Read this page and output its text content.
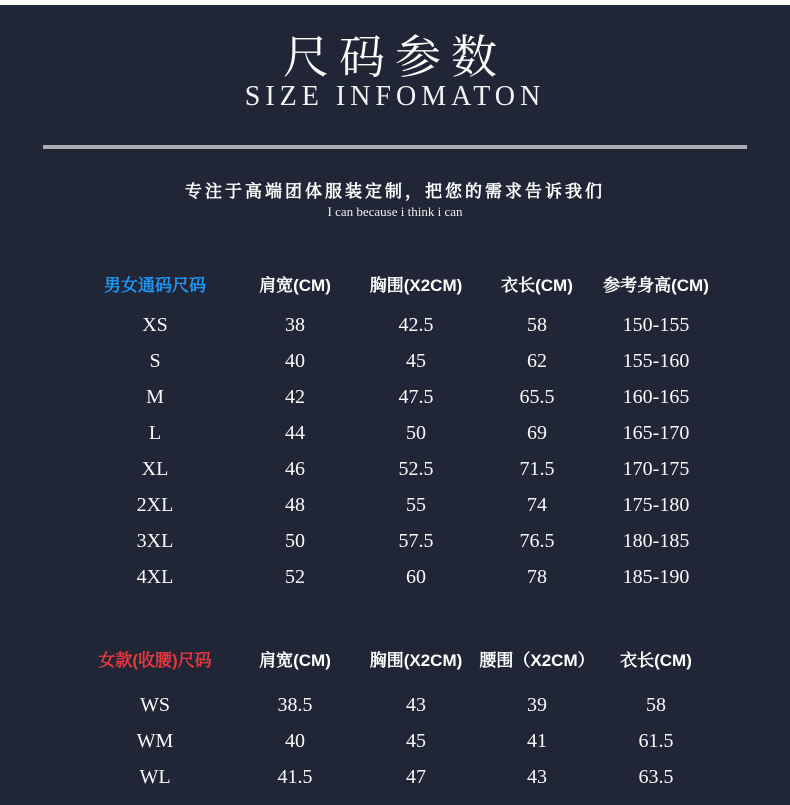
尺码参数
SIZE INFOMATON
专注于高端团体服装定制，把您的需求告诉我们
I can because i think i can
男女通码尺码	肩宽(CM)	胸围(X2CM)	衣长(CM)	参考身高(CM)
XS	38	42.5	58	150-155
S	40	45	62	155-160
M	42	47.5	65.5	160-165
L	44	50	69	165-170
XL	46	52.5	71.5	170-175
2XL	48	55	74	175-180
3XL	50	57.5	76.5	180-185
4XL	52	60	78	185-190
女款(收腰)尺码	肩宽(CM)	胸围(X2CM)	腰围（X2CM）	衣长(CM)
WS	38.5	43	39	58
WM	40	45	41	61.5
WL	41.5	47	43	63.5
